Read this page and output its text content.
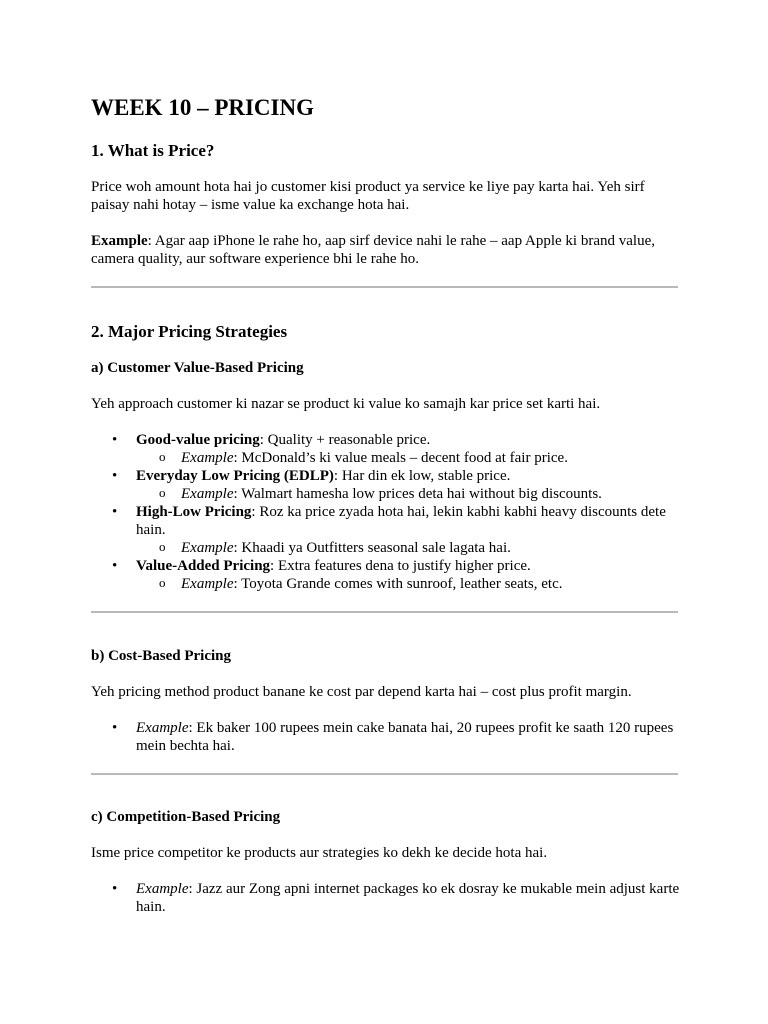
WEEK 10 – PRICING
1. What is Price?

Price woh amount hota hai jo customer kisi product ya service ke liye pay karta hai. Yeh sirf paisay nahi hotay – isme value ka exchange hota hai.

Example: Agar aap iPhone le rahe ho, aap sirf device nahi le rahe – aap Apple ki brand value, camera quality, aur software experience bhi le rahe ho.

2. Major Pricing Strategies
a) Customer Value-Based Pricing

Yeh approach customer ki nazar se product ki value ko samajh kar price set karti hai.

• Good-value pricing: Quality + reasonable price.
o Example: McDonald’s ki value meals – decent food at fair price.
• Everyday Low Pricing (EDLP): Har din ek low, stable price.
o Example: Walmart hamesha low prices deta hai without big discounts.
• High-Low Pricing: Roz ka price zyada hota hai, lekin kabhi kabhi heavy discounts dete hain.
o Example: Khaadi ya Outfitters seasonal sale lagata hai.
• Value-Added Pricing: Extra features dena to justify higher price.
o Example: Toyota Grande comes with sunroof, leather seats, etc.
b) Cost-Based Pricing

Yeh pricing method product banane ke cost par depend karta hai – cost plus profit margin.

• Example: Ek baker 100 rupees mein cake banata hai, 20 rupees profit ke saath 120 rupees mein bechta hai.
c) Competition-Based Pricing

Isme price competitor ke products aur strategies ko dekh ke decide hota hai.

• Example: Jazz aur Zong apni internet packages ko ek dosray ke mukable mein adjust karte hain.
